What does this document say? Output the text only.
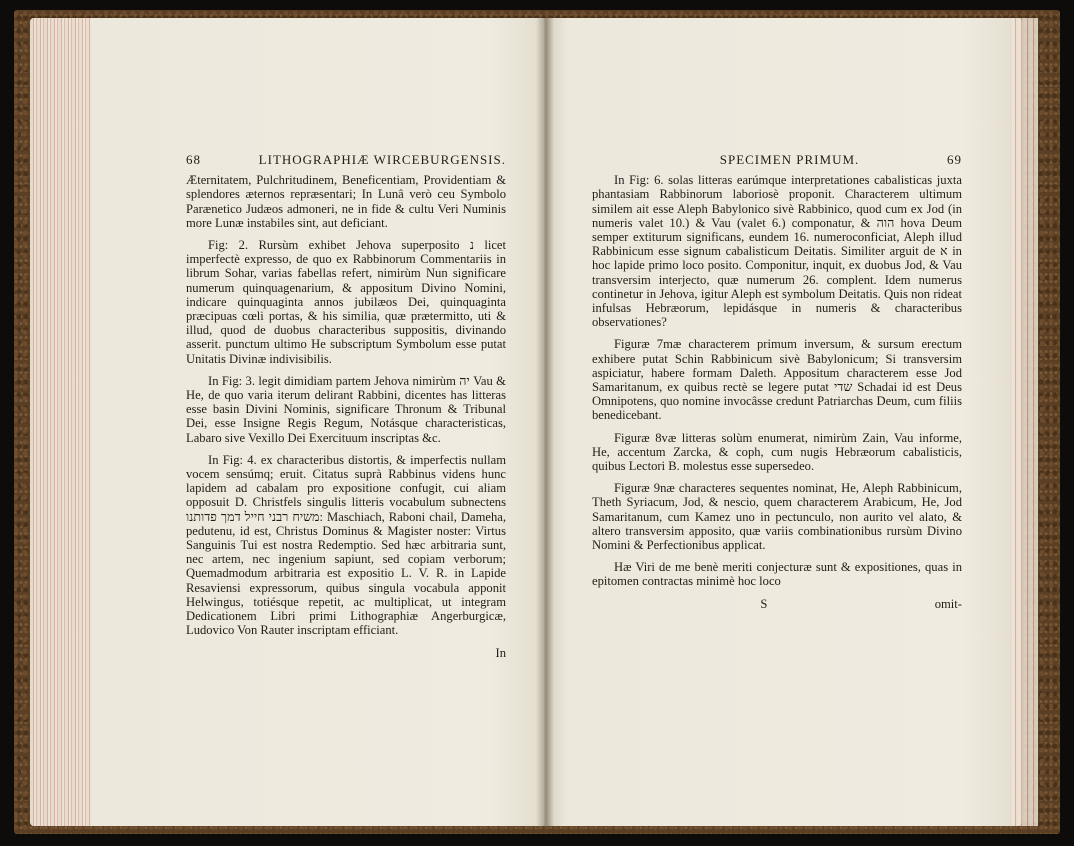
68	LITHOGRAPHIÆ WIRCEBURGENSIS.

Æternitatem, Pulchritudinem, Beneficentiam, Providentiam & splendores æternos repræsentari; In Lunâ verò ceu Symbolo Parænetico Judæos admoneri, ne in fide & cultu Veri Numinis more Lunæ instabiles sint, aut deficiant.

Fig: 2. Rursùm exhibet Jehova superposito נ licet imperfectè expresso, de quo ex Rabbinorum Commentariis in librum Sohar, varias fabellas refert, nimirùm Nun significare numerum quinquagenarium, & appositum Divino Nomini, indicare quinquaginta annos jubilæos Dei, quinquaginta præcipuas cœli portas, & his similia, quæ prætermitto, uti & illud, quod de duobus characteribus suppositis, divinando asserit. punctum ultimo He subscriptum Symbolum esse putat Unitatis Divinæ indivisibilis.

In Fig: 3. legit dimidiam partem Jehova nimirùm יה Vau & He, de quo varia iterum delirant Rabbini, dicentes has litteras esse basin Divini Nominis, significare Thronum & Tribunal Dei, esse Insigne Regis Regum, Notásque characteristicas, Labaro sive Vexillo Dei Exercituum inscriptas &c.

In Fig: 4. ex characteribus distortis, & imperfectis nullam vocem sensúmq; eruit. Citatus suprà Rabbinus videns hunc lapidem ad cabalam pro expositione confugit, cui aliam opposuit D. Christfels singulis litteris vocabulum subnectens משיח רבני חייל דמך פדותנו: Maschiach, Raboni chail, Dameha, pedutenu, id est, Christus Dominus & Magister noster: Virtus Sanguinis Tui est nostra Redemptio. Sed hæc arbitraria sunt, nec artem, nec ingenium sapiunt, sed copiam verborum; Quemadmodum arbitraria est expositio L. V. R. in Lapide Resaviensi expressorum, quibus singula vocabula apponit Helwingus, totiésque repetit, ac multiplicat, ut integram Dedicationem Libri primi Lithographiæ Angerburgicæ, Ludovico Von Rauter inscriptam efficiant.

In
SPECIMEN PRIMUM.	69

In Fig: 6. solas litteras earúmque interpretationes cabalisticas juxta phantasiam Rabbinorum laboriosè proponit. Characterem ultimum similem ait esse Aleph Babylonico sivè Rabbinico, quod cum ex Jod (in numeris valet 10.) & Vau (valet 6.) componatur, & הוה hova Deum semper extiturum significans, eundem 16. numeroconficiat, Aleph illud Rabbinicum esse signum cabalisticum Deitatis. Similiter arguit de א in hoc lapide primo loco posito. Componitur, inquit, ex duobus Jod, & Vau transversim interjecto, quæ numerum 26. complent. Idem numerus continetur in Jehova, igitur Aleph est symbolum Deitatis. Quis non rideat infulsas Hebræorum, lepidásque in numeris & characteribus observationes?

Figuræ 7mæ characterem primum inversum, & sursum erectum exhibere putat Schin Rabbinicum sivè Babylonicum; Si transversim aspiciatur, habere formam Daleth. Appositum characterem esse Jod Samaritanum, ex quibus rectè se legere putat שדי Schadai id est Deus Omnipotens, quo nomine invocâsse credunt Patriarchas Deum, cum filiis benedicebant.

Figuræ 8væ litteras solùm enumerat, nimirùm Zain, Vau informe, He, accentum Zarcka, & coph, cum nugis Hebræorum cabalisticis, quibus Lectori B. molestus esse supersedeo.

Figuræ 9næ characteres sequentes nominat, He, Aleph Rabbinicum, Theth Syriacum, Jod, & nescio, quem characterem Arabicum, He, Jod Samaritanum, cum Kamez uno in pectunculo, non aurito vel alato, & altero transversim apposito, quæ variis combinationibus rursùm Divino Nomini & Perfectionibus applicat.

Hæ Viri de me benè meriti conjecturæ sunt & expositiones, quas in epitomen contractas minimè hoc loco

S	omit-
